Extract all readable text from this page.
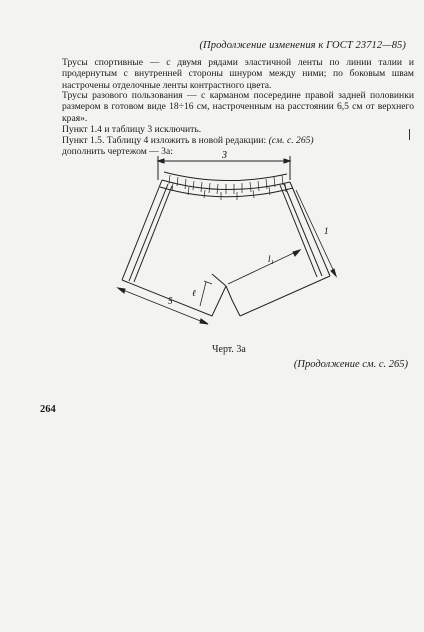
(Продолжение изменения к ГОСТ 23712—85)
Трусы спортивные — с двумя рядами эластичной ленты по линии талии и продернутым с внутренней стороны шнуром между ними; по боковым швам настрочены отделочные ленты контрастного цвета.
Трусы разового пользования — с карманом посередине правой задней половинки размером в готовом виде 18÷16 см, настроченным на расстоянии 6,5 см от верхнего края».
Пункт 1.4 и таблицу 3 исключить.
Пункт 1.5. Таблицу 4 изложить в новой редакции: (см. с. 265)
дополнить чертежом — 3а:	3
1
l₁
ℓ
5
Черт. 3а
(Продолжение см. с. 265)
264
